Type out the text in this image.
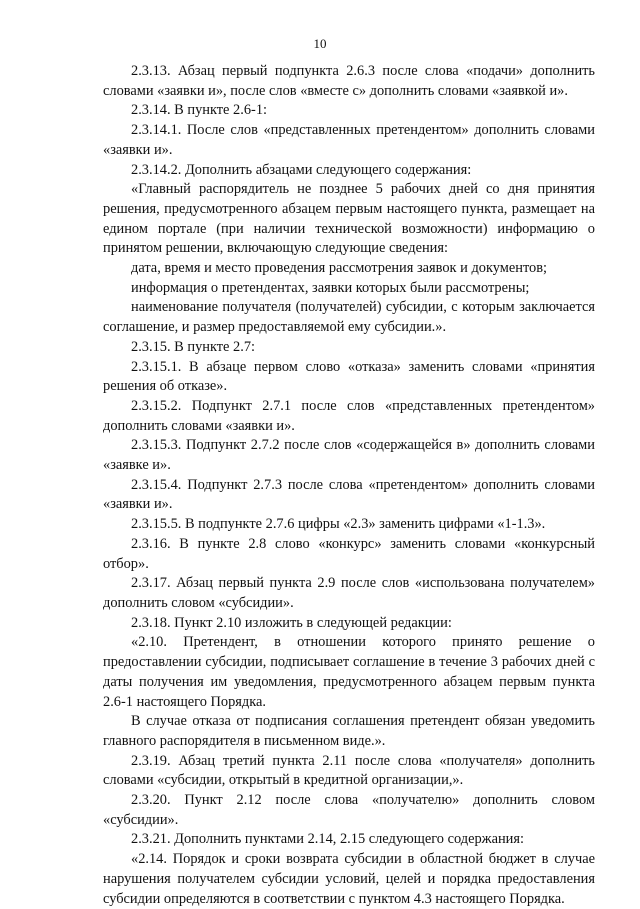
10

2.3.13. Абзац первый подпункта 2.6.3 после слова «подачи» дополнить словами «заявки и», после слов «вместе с» дополнить словами «заявкой и».

2.3.14. В пункте 2.6-1:

2.3.14.1. После слов «представленных претендентом» дополнить словами «заявки и».

2.3.14.2. Дополнить абзацами следующего содержания:

«Главный распорядитель не позднее 5 рабочих дней со дня принятия решения, предусмотренного абзацем первым настоящего пункта, размещает на едином портале (при наличии технической возможности) информацию о принятом решении, включающую следующие сведения:

дата, время и место проведения рассмотрения заявок и документов;

информация о претендентах, заявки которых были рассмотрены;

наименование получателя (получателей) субсидии, с которым заключается соглашение, и размер предоставляемой ему субсидии.».

2.3.15. В пункте 2.7:

2.3.15.1. В абзаце первом слово «отказа» заменить словами «принятия решения об отказе».

2.3.15.2. Подпункт 2.7.1 после слов «представленных претендентом» дополнить словами «заявки и».

2.3.15.3. Подпункт 2.7.2 после слов «содержащейся в» дополнить словами «заявке и».

2.3.15.4. Подпункт 2.7.3 после слова «претендентом» дополнить словами «заявки и».

2.3.15.5. В подпункте 2.7.6 цифры «2.3» заменить цифрами «1-1.3».

2.3.16. В пункте 2.8 слово «конкурс» заменить словами «конкурсный отбор».

2.3.17. Абзац первый пункта 2.9 после слов «использована получателем» дополнить словом «субсидии».

2.3.18. Пункт 2.10 изложить в следующей редакции:

«2.10. Претендент, в отношении которого принято решение о предоставлении субсидии, подписывает соглашение в течение 3 рабочих дней с даты получения им уведомления, предусмотренного абзацем первым пункта 2.6-1 настоящего Порядка.

В случае отказа от подписания соглашения претендент обязан уведомить главного распорядителя в письменном виде.».

2.3.19. Абзац третий пункта 2.11 после слова «получателя» дополнить словами «субсидии, открытый в кредитной организации,».

2.3.20. Пункт 2.12 после слова «получателю» дополнить словом «субсидии».

2.3.21. Дополнить пунктами 2.14, 2.15 следующего содержания:

«2.14. Порядок и сроки возврата субсидии в областной бюджет в случае нарушения получателем субсидии условий, целей и порядка предоставления субсидии определяются в соответствии с пунктом 4.3 настоящего Порядка.
